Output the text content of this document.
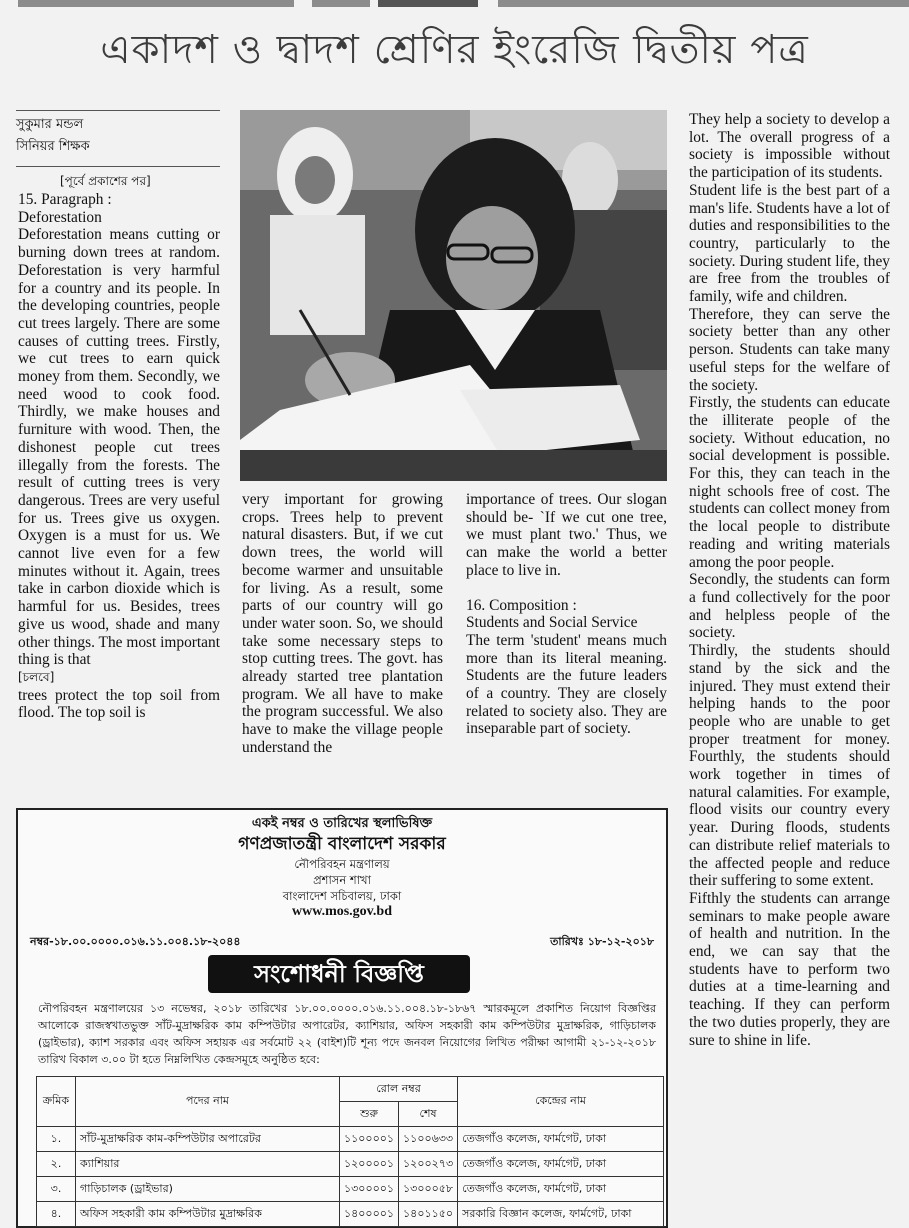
একাদশ ও দ্বাদশ শ্রেণির ইংরেজি দ্বিতীয় পত্র
সুকুমার মন্ডল
সিনিয়র শিক্ষক
[পূর্বে প্রকাশের পর]

15. Paragraph :

Deforestation

Deforestation means cutting or burning down trees at random. Deforestation is very harmful for a country and its people. In the developing countries, people cut trees largely. There are some causes of cutting trees. Firstly, we cut trees to earn quick money from them. Secondly, we need wood to cook food. Thirdly, we make houses and furniture with wood. Then, the dishonest people cut trees illegally from the forests. The result of cutting trees is very dangerous. Trees are very useful for us. Trees give us oxygen. Oxygen is a must for us. We cannot live even for a few minutes without it. Again, trees take in carbon dioxide which is harmful for us. Besides, trees give us wood, shade and many other things. The most important thing is that

[চলবে]

trees protect the top soil from flood. The top soil is

very important for growing crops. Trees help to prevent natural disasters. But, if we cut down trees, the world will become warmer and unsuitable for living. As a result, some parts of our country will go under water soon. So, we should take some necessary steps to stop cutting trees. The govt. has already started tree plantation program. We all have to make the program successful. We also have to make the village people understand the

importance of trees. Our slogan should be- `If we cut one tree, we must plant two.' Thus, we can make the world a better place to live in.

16. Composition :

Students and Social Service

The term 'student' means much more than its literal meaning. Students are the future leaders of a country. They are closely related to society also. They are inseparable part of society.

They help a society to develop a lot. The overall progress of a society is impossible without the participation of its students.

Student life is the best part of a man's life. Students have a lot of duties and responsibilities to the country, particularly to the society. During student life, they are free from the troubles of family, wife and children.

Therefore, they can serve the society better than any other person. Students can take many useful steps for the welfare of the society.

Firstly, the students can educate the illiterate people of the society. Without education, no social development is possible. For this, they can teach in the night schools free of cost. The students can collect money from the local people to distribute reading and writing materials among the poor people.

Secondly, the students can form a fund collectively for the poor and helpless people of the society.

Thirdly, the students should stand by the sick and the injured. They must extend their helping hands to the poor people who are unable to get proper treatment for money. Fourthly, the students should work together in times of natural calamities. For example, flood visits our country every year. During floods, students can distribute relief materials to the affected people and reduce their suffering to some extent.

Fifthly the students can arrange seminars to make people aware of health and nutrition. In the end, we can say that the students have to perform two duties at a time-learning and teaching. If they can perform the two duties properly, they are sure to shine in life.

একই নম্বর ও তারিখের স্থলাভিষিক্ত
গণপ্রজাতন্ত্রী বাংলাদেশ সরকার
নৌপরিবহন মন্ত্রণালয়
প্রশাসন শাখা
বাংলাদেশ সচিবালয়, ঢাকা
www.mos.gov.bd
নম্বর-১৮.০০.০০০০.০১৬.১১.০০৪.১৮-২০৪৪	তারিখঃ ১৮-১২-২০১৮
সংশোধনী বিজ্ঞপ্তি
নৌপরিবহন মন্ত্রণালয়ের ১৩ নভেম্বর, ২০১৮ তারিখের ১৮.০০.০০০০.০১৬.১১.০০৪.১৮-১৮৬৭ স্মারকমূলে প্রকাশিত নিয়োগ বিজ্ঞপ্তির আলোকে রাজস্বখাতভুক্ত সাঁট-মুদ্রাক্ষরিক কাম কম্পিউটার অপারেটর, ক্যাশিয়ার, অফিস সহকারী কাম কম্পিউটার মুদ্রাক্ষরিক, গাড়িচালক (ড্রাইভার), ক্যাশ সরকার এবং অফিস সহায়ক এর সর্বমোট ২২ (বাইশ)টি শূন্য পদে জনবল নিয়োগের লিখিত পরীক্ষা আগামী ২১-১২-২০১৮ তারিখ বিকাল ৩.০০ টা হতে নিম্নলিখিত কেন্দ্রসমূহে অনুষ্ঠিত হবে:
ক্রমিক	পদের নাম	রোল নম্বর		কেন্দ্রের নাম
		শুরু	শেষ	
১.	সাঁট-মুদ্রাক্ষরিক কাম-কম্পিউটার অপারেটর	১১০০০০১	১১০০৬৩৩	তেজগাঁও কলেজ, ফার্মগেট, ঢাকা
২.	ক্যাশিয়ার	১২০০০০১	১২০০২৭৩	তেজগাঁও কলেজ, ফার্মগেট, ঢাকা
৩.	গাড়িচালক (ড্রাইভার)	১৩০০০০১	১৩০০০৫৮	তেজগাঁও কলেজ, ফার্মগেট, ঢাকা
৪.	অফিস সহকারী কাম কম্পিউটার মুদ্রাক্ষরিক	১৪০০০০১	১৪০১১৫০	সরকারি বিজ্ঞান কলেজ, ফার্মগেট, ঢাকা
